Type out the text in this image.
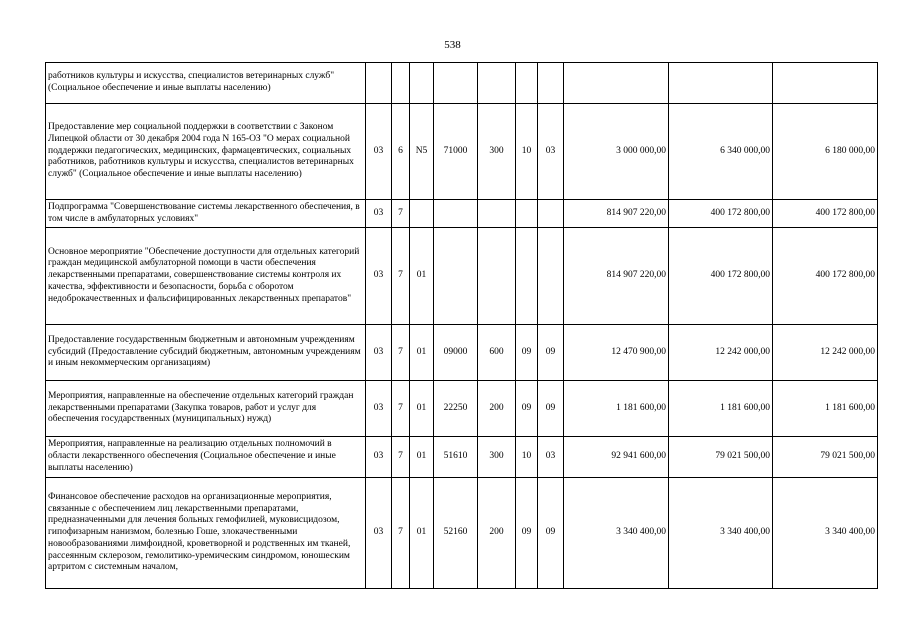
538
работников культуры и искусства, специалистов ветеринарных служб" (Социальное обеспечение и иные выплаты населению)										
Предоставление мер социальной поддержки в соответствии с Законом Липецкой области от 30 декабря 2004 года N 165-ОЗ "О мерах социальной поддержки педагогических, медицинских, фармацевтических, социальных работников, работников культуры и искусства, специалистов ветеринарных служб" (Социальное обеспечение и иные выплаты населению)	03	6	N5	71000	300	10	03	3 000 000,00	6 340 000,00	6 180 000,00
Подпрограмма "Совершенствование системы лекарственного обеспечения, в том числе в амбулаторных условиях"	03	7						814 907 220,00	400 172 800,00	400 172 800,00
Основное мероприятие "Обеспечение доступности для отдельных категорий граждан медицинской амбулаторной помощи в части обеспечения лекарственными препаратами, совершенствование системы контроля их качества, эффективности и безопасности, борьба с оборотом недоброкачественных и фальсифицированных лекарственных препаратов"	03	7	01					814 907 220,00	400 172 800,00	400 172 800,00
Предоставление государственным бюджетным и автономным учреждениям субсидий (Предоставление субсидий бюджетным, автономным учреждениям и иным некоммерческим организациям)	03	7	01	09000	600	09	09	12 470 900,00	12 242 000,00	12 242 000,00
Мероприятия, направленные на обеспечение отдельных категорий граждан лекарственными препаратами (Закупка товаров, работ и услуг для обеспечения государственных (муниципальных) нужд)	03	7	01	22250	200	09	09	1 181 600,00	1 181 600,00	1 181 600,00
Мероприятия, направленные на реализацию отдельных полномочий в области лекарственного обеспечения (Социальное обеспечение и иные выплаты населению)	03	7	01	51610	300	10	03	92 941 600,00	79 021 500,00	79 021 500,00
Финансовое обеспечение расходов на организационные мероприятия, связанные с обеспечением лиц лекарственными препаратами, предназначенными для лечения больных гемофилией, муковисцидозом, гипофизарным нанизмом, болезнью Гоше, злокачественными новообразованиями лимфоидной, кроветворной и родственных им тканей, рассеянным склерозом, гемолитико-уремическим синдромом, юношеским артритом с системным началом,	03	7	01	52160	200	09	09	3 340 400,00	3 340 400,00	3 340 400,00
